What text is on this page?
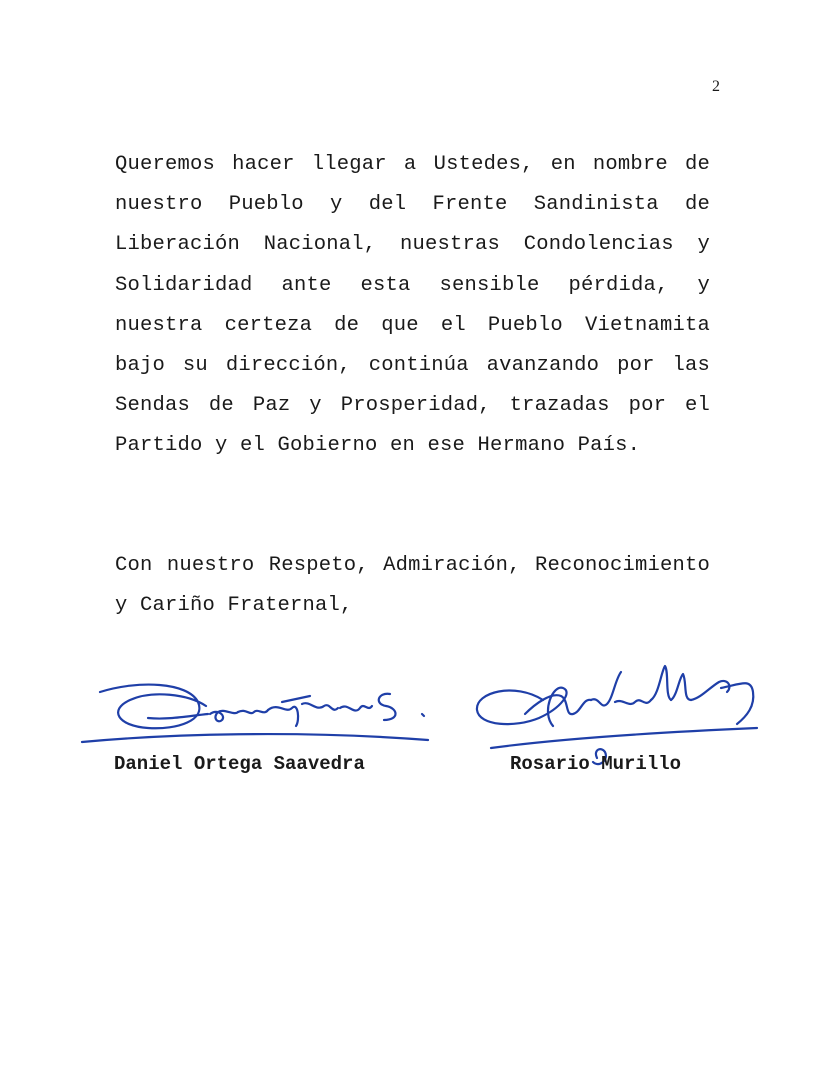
2
Queremos hacer llegar a Ustedes, en nombre de nuestro Pueblo y del Frente Sandinista de Liberación Nacional, nuestras Condolencias y Solidaridad ante esta sensible pérdida, y nuestra certeza de que el Pueblo Vietnamita bajo su dirección, continúa avanzando por las Sendas de Paz y Prosperidad, trazadas por el Partido y el Gobierno en ese Hermano País.
Con nuestro Respeto, Admiración, Reconocimiento y Cariño Fraternal,
Daniel Ortega Saavedra	Rosario Murillo
